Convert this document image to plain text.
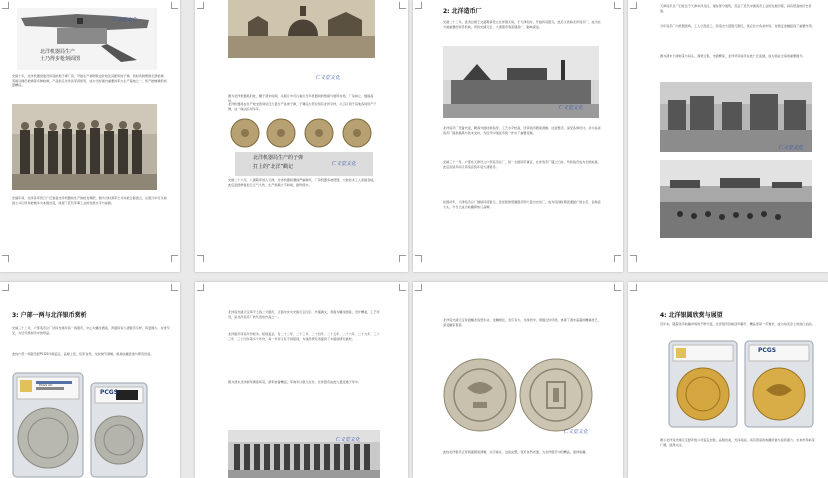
北洋机器局生产
土乃得步枪刻面图
仁义堂文化
光绪十年，北洋机器局建设铸造枪炮子弹厂房，开始生产林明敦边针枪及其配用的子弹，同时仿制德国毛瑟枪弹、英国马梯尼枪弹等多种枪弹，产品供应北洋各军营使用，成为当时国内重要的军火生产基地之一，所产枪械弹药质量精良。
光绪年间，北洋各军营已广泛装备北洋机器局生产的枪支弹药，图为当时清军士兵持枪合影留念，从照片中可以看到士兵们所持枪械多为本国自造，体现了近代军事工业的发展水平与成就。
仁义堂文化
图为北洋机器局旧址，摄于清末时期，从照片中可以看出当年机器局的规模与建筑布局，厂房林立，烟囱高耸。
北洋机器局在生产枪支的同时还大量生产各类子弹，子弹底火部位刻有北洋字样，以示区别于其他各局所产子弹，这一做法沿用多年。
北洋机器局生产的子弹
打上的“北洋”戳记	仁义堂文化
光绪二十六年，八国联军侵入天津，北洋机器局遭到严重破坏，厂房机器多被焚毁，大批技术工人流散各地，此后虽经修复但已元气大伤，生产规模大不如前，最终停办。
2: 北洋造币厂
光绪二十二年，直隶总督王文韶奏请设立北洋银元局，于天津创办，开始铸造银元，此后又改称北洋造币厂，成为北方最重要的铸币机构，所铸光绪元宝、大清银币等流通甚广，影响深远。
仁义堂文化
北洋造币厂设备先进，聘请外国技师指导，工艺水平较高，所铸钱币图案清晰，边齿整齐，深受各界好评，并为各省造币厂提供模具与技术支持，为近代中国货币统一作出了重要贡献。
光绪三十一年，户部在天津设立户部造币总厂，统一全国铸币事宜，北洋造币厂随之归并，所铸钱币成为全国标准，此后宣统年间又铸造宣统年造大清银币。
民国初年，天津造币总厂继续铸造银元，袁世凯像壹圆银币即大量出自该厂，成为民国时期流通最广的主币，俗称袁大头，今日已成为收藏界热门品种。
天津造币总厂旧址位于天津市河北区，现存部分建筑，见证了近代中国造币工业的发展历程，具有很高的历史价值。
当年造币厂内机器轰鸣，工人日夜赶工，铸造出大量银元铜元，供应北方各省市场，对稳定金融起到了重要作用。
图为清末天津街景与码头，商贾云集，市面繁荣，北洋所铸钱币在此广泛流通，成为商业交易的重要媒介。
仁义堂文化
3: 户部一两与北洋银币赏析
光绪三十二年，户部造币总厂试铸光绪年造一两银币，中心为蟠龙图案，背面铸有大清银币字样，铸量稀少，存世罕见，为近代机制币中的珍品。
此枚户部一两银币经PCGS评级鉴定，品相上佳，包浆自然，龙纹细节清晰，极具收藏价值与研究价值。
PCGS AU
PCGS
北洋造光绪元宝库平七钱二分银币，正面中央为光绪元宝四字，外围满文，背面为蟠龙图案，设计精美，工艺考究，是北洋造币厂的代表性作品之一。
北洋银币铸造年份较多，版别复杂，有二十二年、二十三年、二十四年、二十五年、二十六年、二十九年、三十三年、三十四年等多个年份，每一年份又有不同版别，为钱币研究者提供了丰富的研究素材。
图为清末北洋新军操练场景，新军装备精良，军饷多以银元支付，北洋银币由此大量流通于军中。
仁义堂文化
北洋造光绪元宝背面蟠龙造型生动，龙鳞细密，龙爪有力，龙珠居中，周围云纹环绕，体现了清末高超的雕模技艺，深受藏家喜爱。
仁义堂文化
此枚北洋银币正背两面图案清晰，文字端庄，边齿完整，包浆自然老道，为北洋银币中的精品，值得收藏。
4: 北洋银圆欣赏与展望
近年来，随着钱币收藏市场的不断升温，北洋银币价格逐年攀升，精品更是一币难求，成为拍卖会上的热门拍品。
PCGS
图示北洋造光绪元宝经评级公司鉴定封装，品相优美，光泽亮丽，具有很高的收藏价值与投资潜力，未来市场前景广阔，值得关注。
